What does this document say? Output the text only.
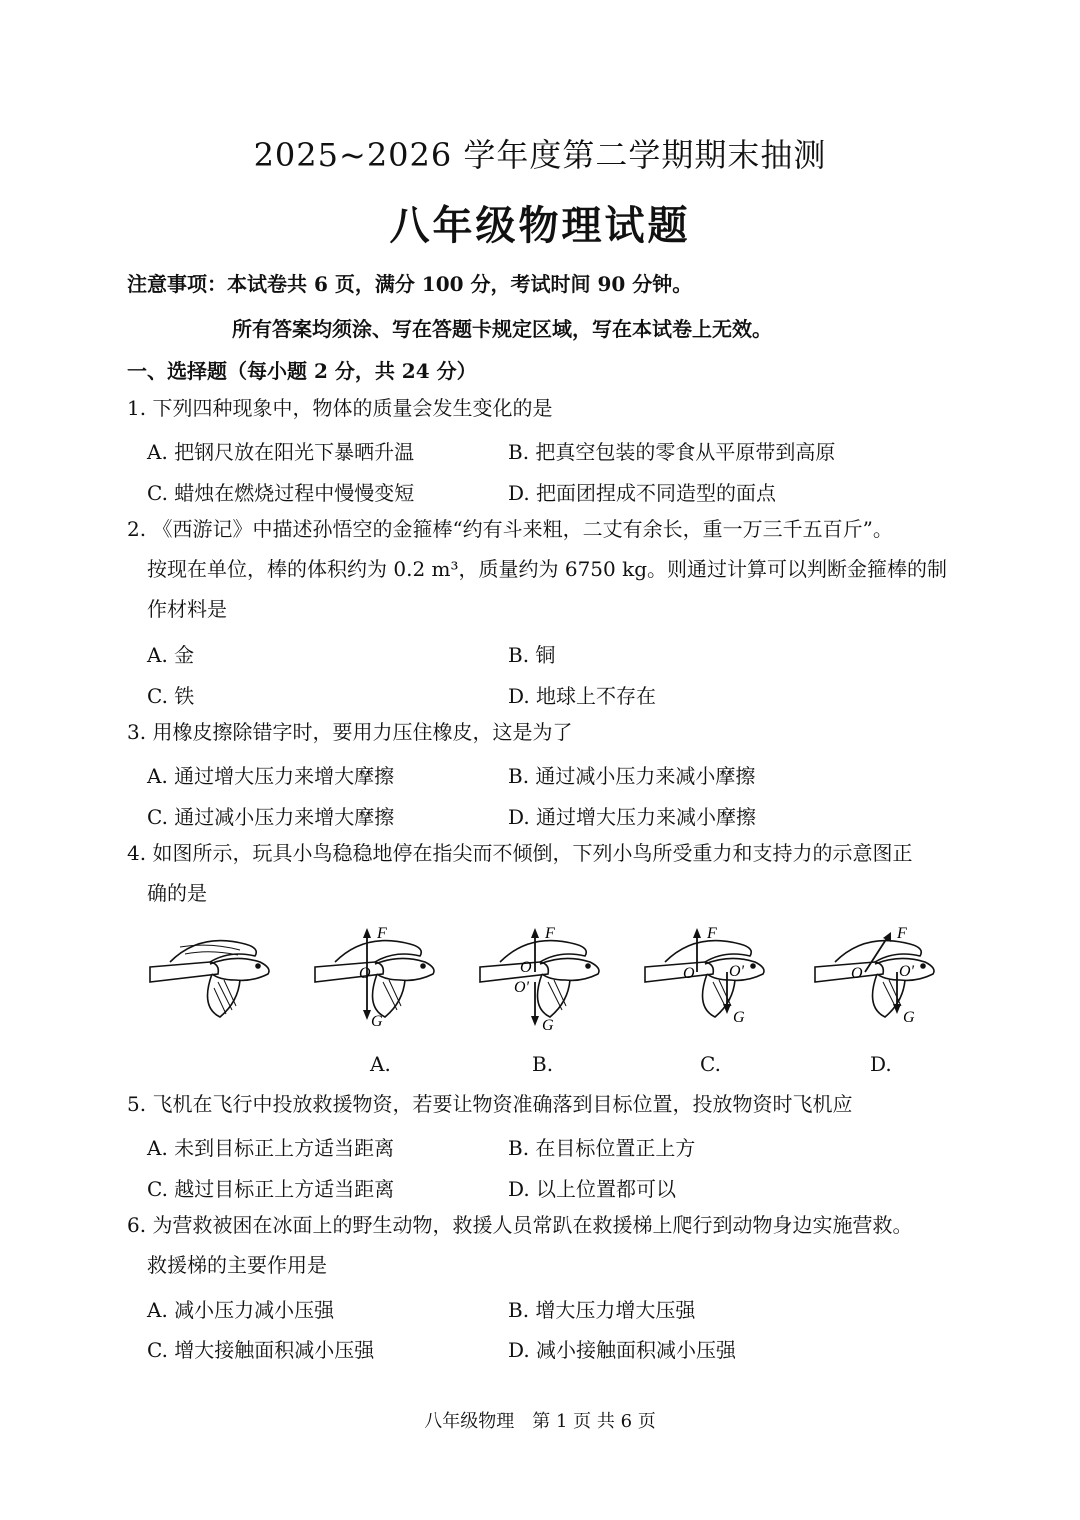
2025~2026 学年度第二学期期末抽测
八年级物理试题
注意事项：本试卷共 6 页，满分 100 分，考试时间 90 分钟。
所有答案均须涂、写在答题卡规定区域，写在本试卷上无效。
一、选择题（每小题 2 分，共 24 分）
1. 下列四种现象中，物体的质量会发生变化的是
A. 把钢尺放在阳光下暴晒升温	B. 把真空包装的零食从平原带到高原
C. 蜡烛在燃烧过程中慢慢变短	D. 把面团捏成不同造型的面点
2. 《西游记》中描述孙悟空的金箍棒“约有斗来粗，二丈有余长，重一万三千五百斤”。
按现在单位，棒的体积约为 0.2 m³，质量约为 6750 kg。则通过计算可以判断金箍棒的制
作材料是
A. 金	B. 铜
C. 铁	D. 地球上不存在
3. 用橡皮擦除错字时，要用力压住橡皮，这是为了
A. 通过增大压力来增大摩擦	B. 通过减小压力来减小摩擦
C. 通过减小压力来增大摩擦	D. 通过增大压力来减小摩擦
4. 如图所示，玩具小鸟稳稳地停在指尖而不倾倒，下列小鸟所受重力和支持力的示意图正
确的是
F
O
G
A.
F
O
O'
G
B.
F
O O'
G
C.
F
O O'
G
D.
5. 飞机在飞行中投放救援物资，若要让物资准确落到目标位置，投放物资时飞机应
A. 未到目标正上方适当距离	B. 在目标位置正上方
C. 越过目标正上方适当距离	D. 以上位置都可以
6. 为营救被困在冰面上的野生动物，救援人员常趴在救援梯上爬行到动物身边实施营救。
救援梯的主要作用是
A. 减小压力减小压强	B. 增大压力增大压强
C. 增大接触面积减小压强	D. 减小接触面积减小压强
八年级物理　第 1 页 共 6 页
